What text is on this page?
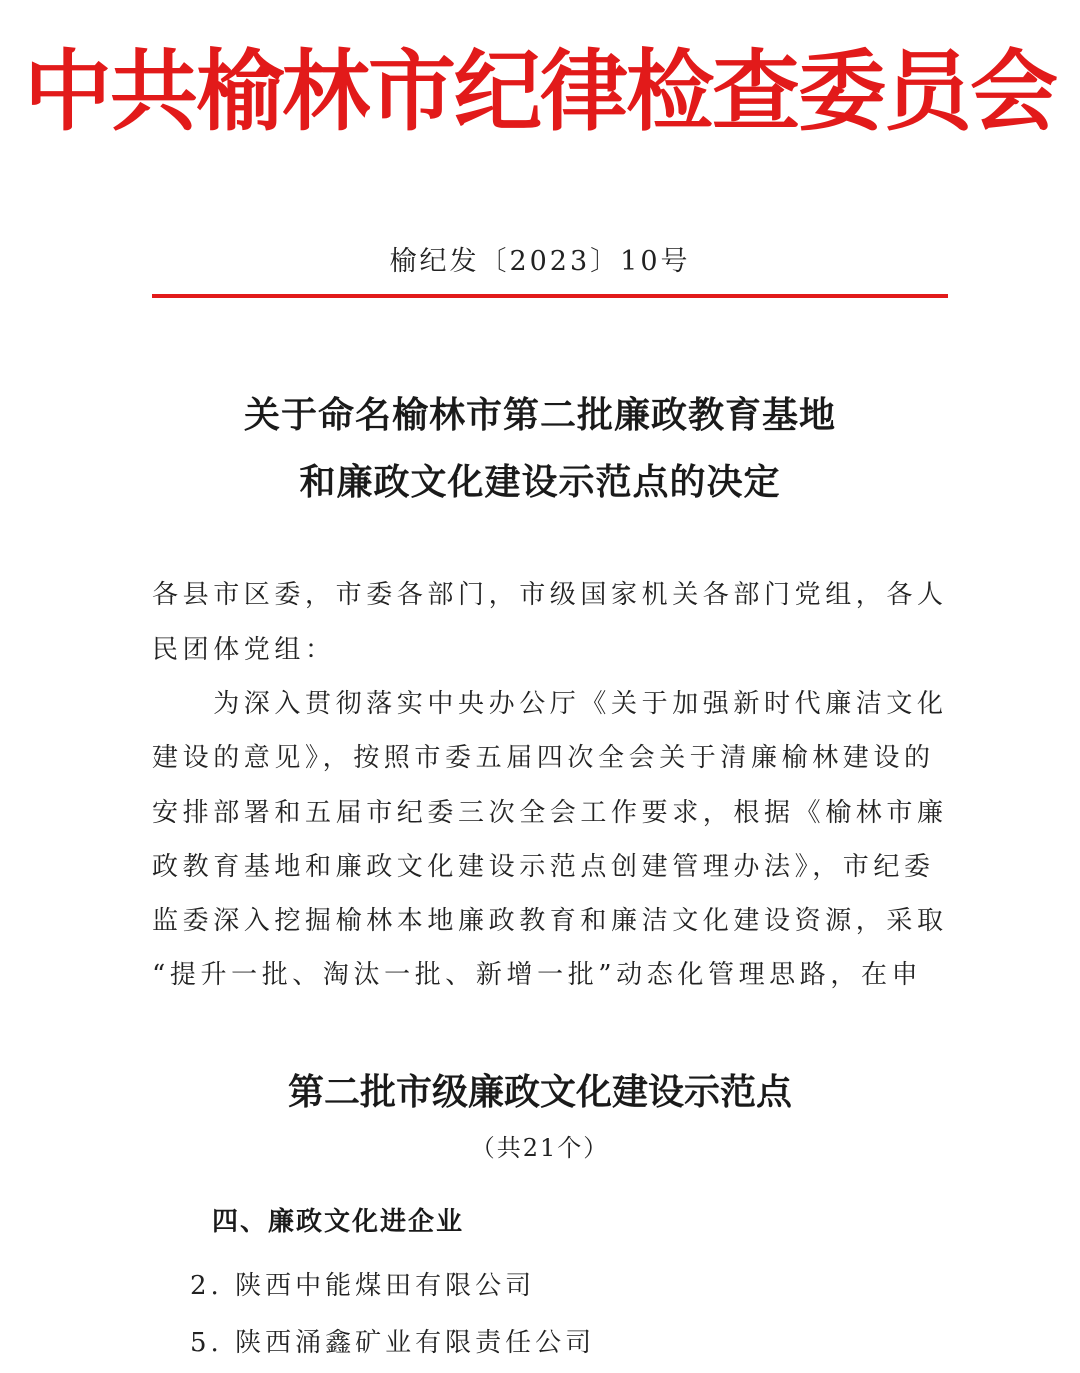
中共榆林市纪律检查委员会
榆纪发〔2023〕10号
关于命名榆林市第二批廉政教育基地
和廉政文化建设示范点的决定
各县市区委，市委各部门，市级国家机关各部门党组，各人
民团体党组：
　　为深入贯彻落实中央办公厅《关于加强新时代廉洁文化
建设的意见》，按照市委五届四次全会关于清廉榆林建设的
安排部署和五届市纪委三次全会工作要求，根据《榆林市廉
政教育基地和廉政文化建设示范点创建管理办法》，市纪委
监委深入挖掘榆林本地廉政教育和廉洁文化建设资源，采取
“提升一批、淘汰一批、新增一批”动态化管理思路，在申
第二批市级廉政文化建设示范点
（共21个）
四、廉政文化进企业
2. 陕西中能煤田有限公司
5. 陕西涌鑫矿业有限责任公司
